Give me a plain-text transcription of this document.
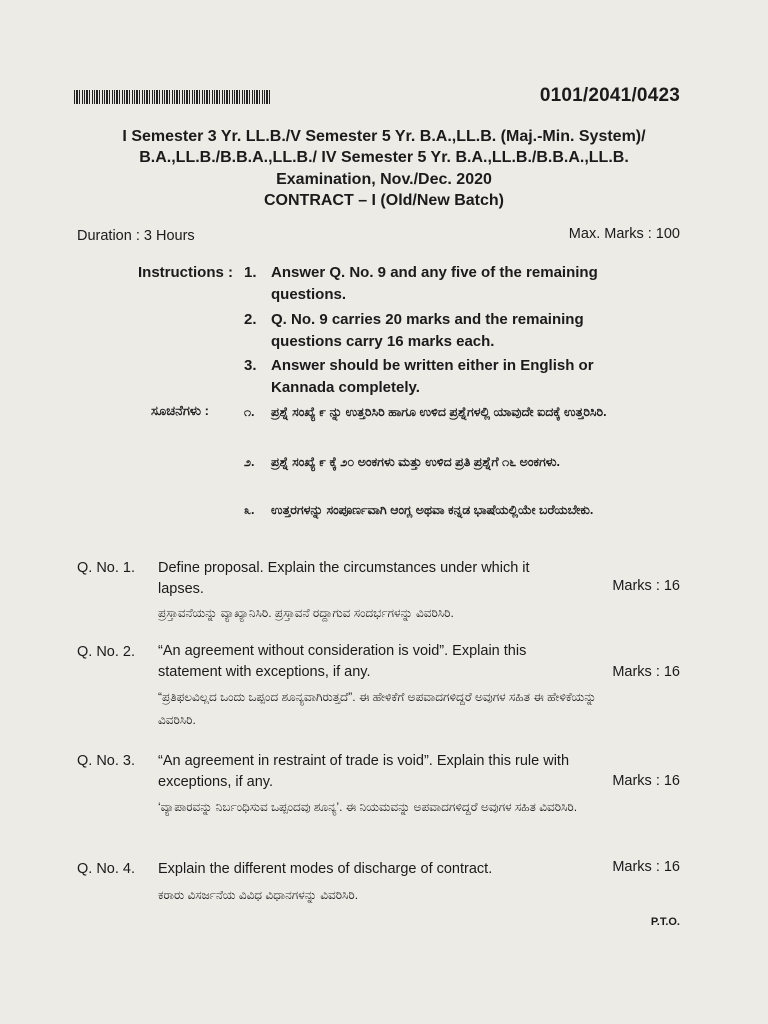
0101/2041/0423
I Semester 3 Yr. LL.B./V Semester 5 Yr. B.A.,LL.B. (Maj.-Min. System)/
B.A.,LL.B./B.B.A.,LL.B./ IV Semester 5 Yr. B.A.,LL.B./B.B.A.,LL.B.
Examination, Nov./Dec. 2020
CONTRACT – I (Old/New Batch)
Duration : 3 Hours	Max. Marks : 100
Instructions : 1. Answer Q. No. 9 and any five of the remaining questions.
2. Q. No. 9 carries 20 marks and the remaining questions carry 16 marks each.
3. Answer should be written either in English or Kannada completely.
ಸೂಚನೆಗಳು :	೧. ಪ್ರಶ್ನೆ ಸಂಖ್ಯೆ ೯ ನ್ನು ಉತ್ತರಿಸಿರಿ ಹಾಗೂ ಉಳಿದ ಪ್ರಶ್ನೆಗಳಲ್ಲಿ ಯಾವುದೇ ಐದಕ್ಕೆ ಉತ್ತರಿಸಿರಿ.
೨. ಪ್ರಶ್ನೆ ಸಂಖ್ಯೆ ೯ ಕ್ಕೆ ೨೦ ಅಂಕಗಳು ಮತ್ತು ಉಳಿದ ಪ್ರತಿ ಪ್ರಶ್ನೆಗೆ ೧೬ ಅಂಕಗಳು.
೩. ಉತ್ತರಗಳನ್ನು ಸಂಪೂರ್ಣವಾಗಿ ಆಂಗ್ಲ ಅಥವಾ ಕನ್ನಡ ಭಾಷೆಯಲ್ಲಿಯೇ ಬರೆಯಬೇಕು.
Q. No. 1. Define proposal. Explain the circumstances under which it lapses.	Marks : 16
ಪ್ರಸ್ತಾವನೆಯನ್ನು ವ್ಯಾಖ್ಯಾನಿಸಿರಿ. ಪ್ರಸ್ತಾವನೆ ರದ್ದಾಗುವ ಸಂದರ್ಭಗಳನ್ನು ವಿವರಿಸಿರಿ.
Q. No. 2. “An agreement without consideration is void”. Explain this statement with exceptions, if any.	Marks : 16
“ಪ್ರತಿಫಲವಿಲ್ಲದ ಒಂದು ಒಪ್ಪಂದ ಶೂನ್ಯವಾಗಿರುತ್ತದೆ”. ಈ ಹೇಳಿಕೆಗೆ ಅಪವಾದಗಳಿದ್ದರೆ ಅವುಗಳ ಸಹಿತ ಈ ಹೇಳಿಕೆಯನ್ನು ವಿವರಿಸಿರಿ.
Q. No. 3. “An agreement in restraint of trade is void”. Explain this rule with exceptions, if any.	Marks : 16
‘ವ್ಯಾಪಾರವನ್ನು ನಿರ್ಬಂಧಿಸುವ ಒಪ್ಪಂದವು ಶೂನ್ಯ’. ಈ ನಿಯಮವನ್ನು ಅಪವಾದಗಳಿದ್ದರೆ ಅವುಗಳ ಸಹಿತ ವಿವರಿಸಿರಿ.
Q. No. 4. Explain the different modes of discharge of contract.	Marks : 16
ಕರಾರು ವಿಸರ್ಜನೆಯ ವಿವಿಧ ವಿಧಾನಗಳನ್ನು ವಿವರಿಸಿರಿ.
P.T.O.
